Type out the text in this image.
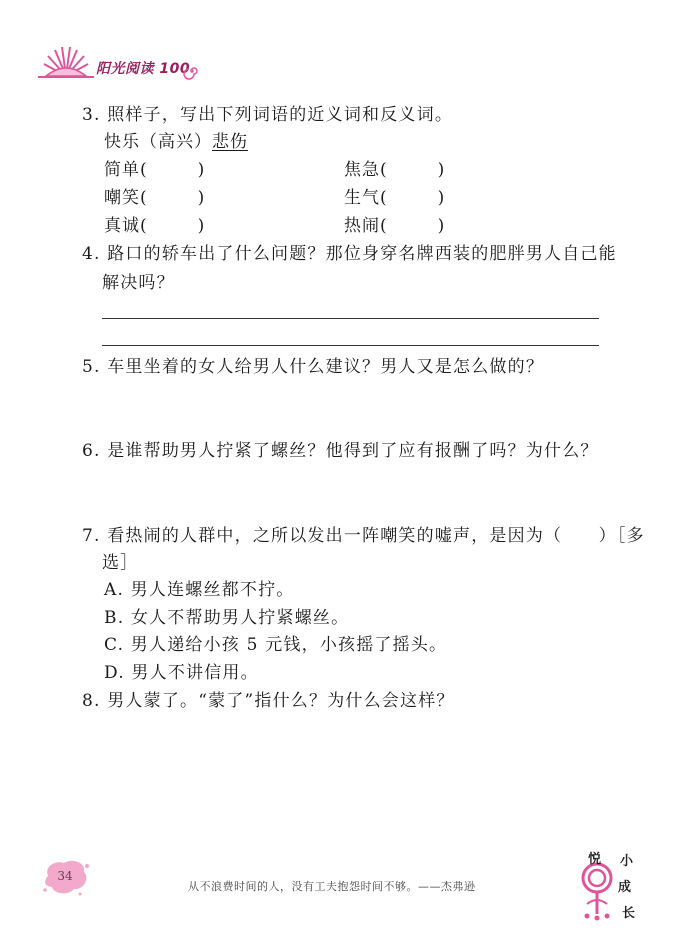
阳光阅读 100
3. 照样子，写出下列词语的近义词和反义词。
快乐（高兴）悲伤
简单(	)	焦急(	)
嘲笑(	)	生气(	)
真诚(	)	热闹(	)
4. 路口的轿车出了什么问题？那位身穿名牌西装的肥胖男人自己能
解决吗？
5. 车里坐着的女人给男人什么建议？男人又是怎么做的？
6. 是谁帮助男人拧紧了螺丝？他得到了应有报酬了吗？为什么？
7. 看热闹的人群中，之所以发出一阵嘲笑的嘘声，是因为（　　）［多
选］
A. 男人连螺丝都不拧。
B. 女人不帮助男人拧紧螺丝。
C. 男人递给小孩 5 元钱，小孩摇了摇头。
D. 男人不讲信用。
8. 男人蒙了。“蒙了”指什么？为什么会这样？
34
从不浪费时间的人，没有工夫抱怨时间不够。——杰弗逊
悦 小
成
长
